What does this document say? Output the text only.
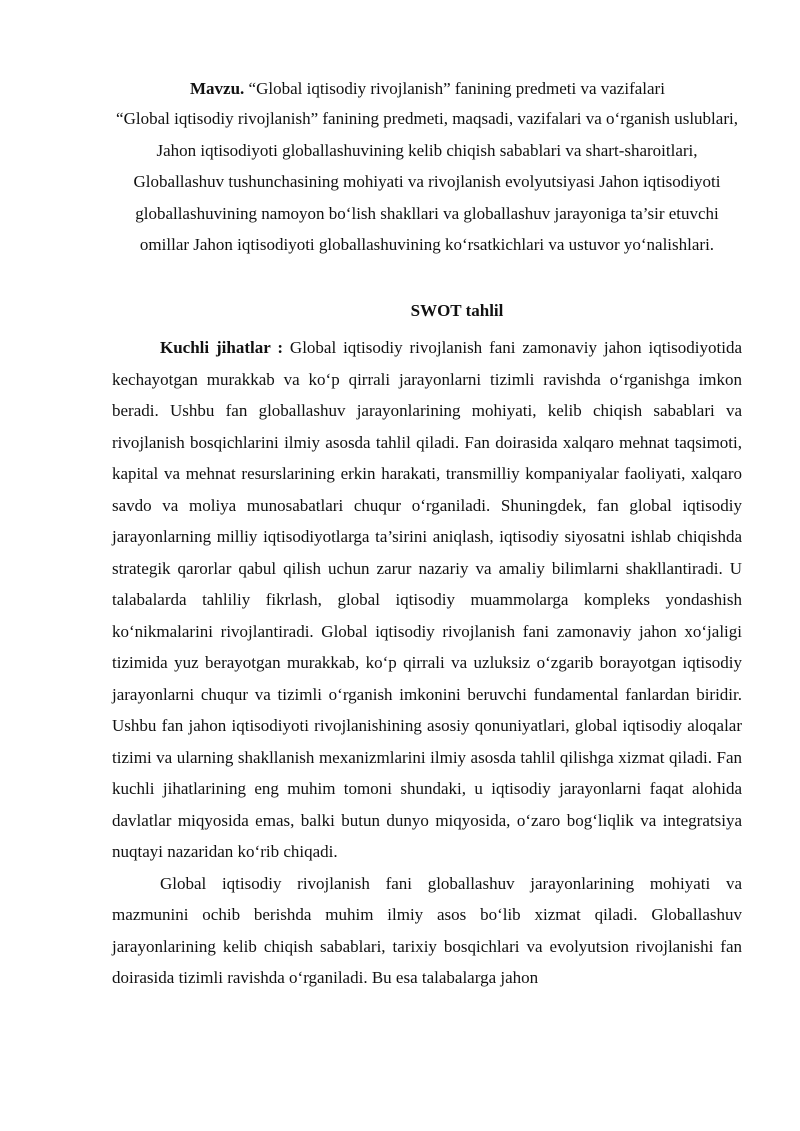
Mavzu. “Global iqtisodiy rivojlanish” fanining predmeti va vazifalari
“Global iqtisodiy rivojlanish” fanining predmeti, maqsadi, vazifalari va o‘rganish uslublari, Jahon iqtisodiyoti globallashuvining kelib chiqish sabablari va shart-sharoitlari, Globallashuv tushunchasining mohiyati va rivojlanish evolyutsiyasi Jahon iqtisodiyoti globallashuvining namoyon bo‘lish shakllari va globallashuv jarayoniga ta’sir etuvchi omillar Jahon iqtisodiyoti globallashuvining ko‘rsatkichlari va ustuvor yo‘nalishlari.
SWOT tahlil

Kuchli jihatlar : Global iqtisodiy rivojlanish fani zamonaviy jahon iqtisodiyotida kechayotgan murakkab va ko‘p qirrali jarayonlarni tizimli ravishda o‘rganishga imkon beradi. Ushbu fan globallashuv jarayonlarining mohiyati, kelib chiqish sabablari va rivojlanish bosqichlarini ilmiy asosda tahlil qiladi. Fan doirasida xalqaro mehnat taqsimoti, kapital va mehnat resurslarining erkin harakati, transmilliy kompaniyalar faoliyati, xalqaro savdo va moliya munosabatlari chuqur o‘rganiladi. Shuningdek, fan global iqtisodiy jarayonlarning milliy iqtisodiyotlarga ta’sirini aniqlash, iqtisodiy siyosatni ishlab chiqishda strategik qarorlar qabul qilish uchun zarur nazariy va amaliy bilimlarni shakllantiradi. U talabalarda tahliliy fikrlash, global iqtisodiy muammolarga kompleks yondashish ko‘nikmalarini rivojlantiradi. Global iqtisodiy rivojlanish fani zamonaviy jahon xo‘jaligi tizimida yuz berayotgan murakkab, ko‘p qirrali va uzluksiz o‘zgarib borayotgan iqtisodiy jarayonlarni chuqur va tizimli o‘rganish imkonini beruvchi fundamental fanlardan biridir. Ushbu fan jahon iqtisodiyoti rivojlanishining asosiy qonuniyatlari, global iqtisodiy aloqalar tizimi va ularning shakllanish mexanizmlarini ilmiy asosda tahlil qilishga xizmat qiladi. Fan kuchli jihatlarining eng muhim tomoni shundaki, u iqtisodiy jarayonlarni faqat alohida davlatlar miqyosida emas, balki butun dunyo miqyosida, o‘zaro bog‘liqlik va integratsiya nuqtayi nazaridan ko‘rib chiqadi.

Global iqtisodiy rivojlanish fani globallashuv jarayonlarining mohiyati va mazmunini ochib berishda muhim ilmiy asos bo‘lib xizmat qiladi. Globallashuv jarayonlarining kelib chiqish sabablari, tarixiy bosqichlari va evolyutsion rivojlanishi fan doirasida tizimli ravishda o‘rganiladi. Bu esa talabalarga jahon
